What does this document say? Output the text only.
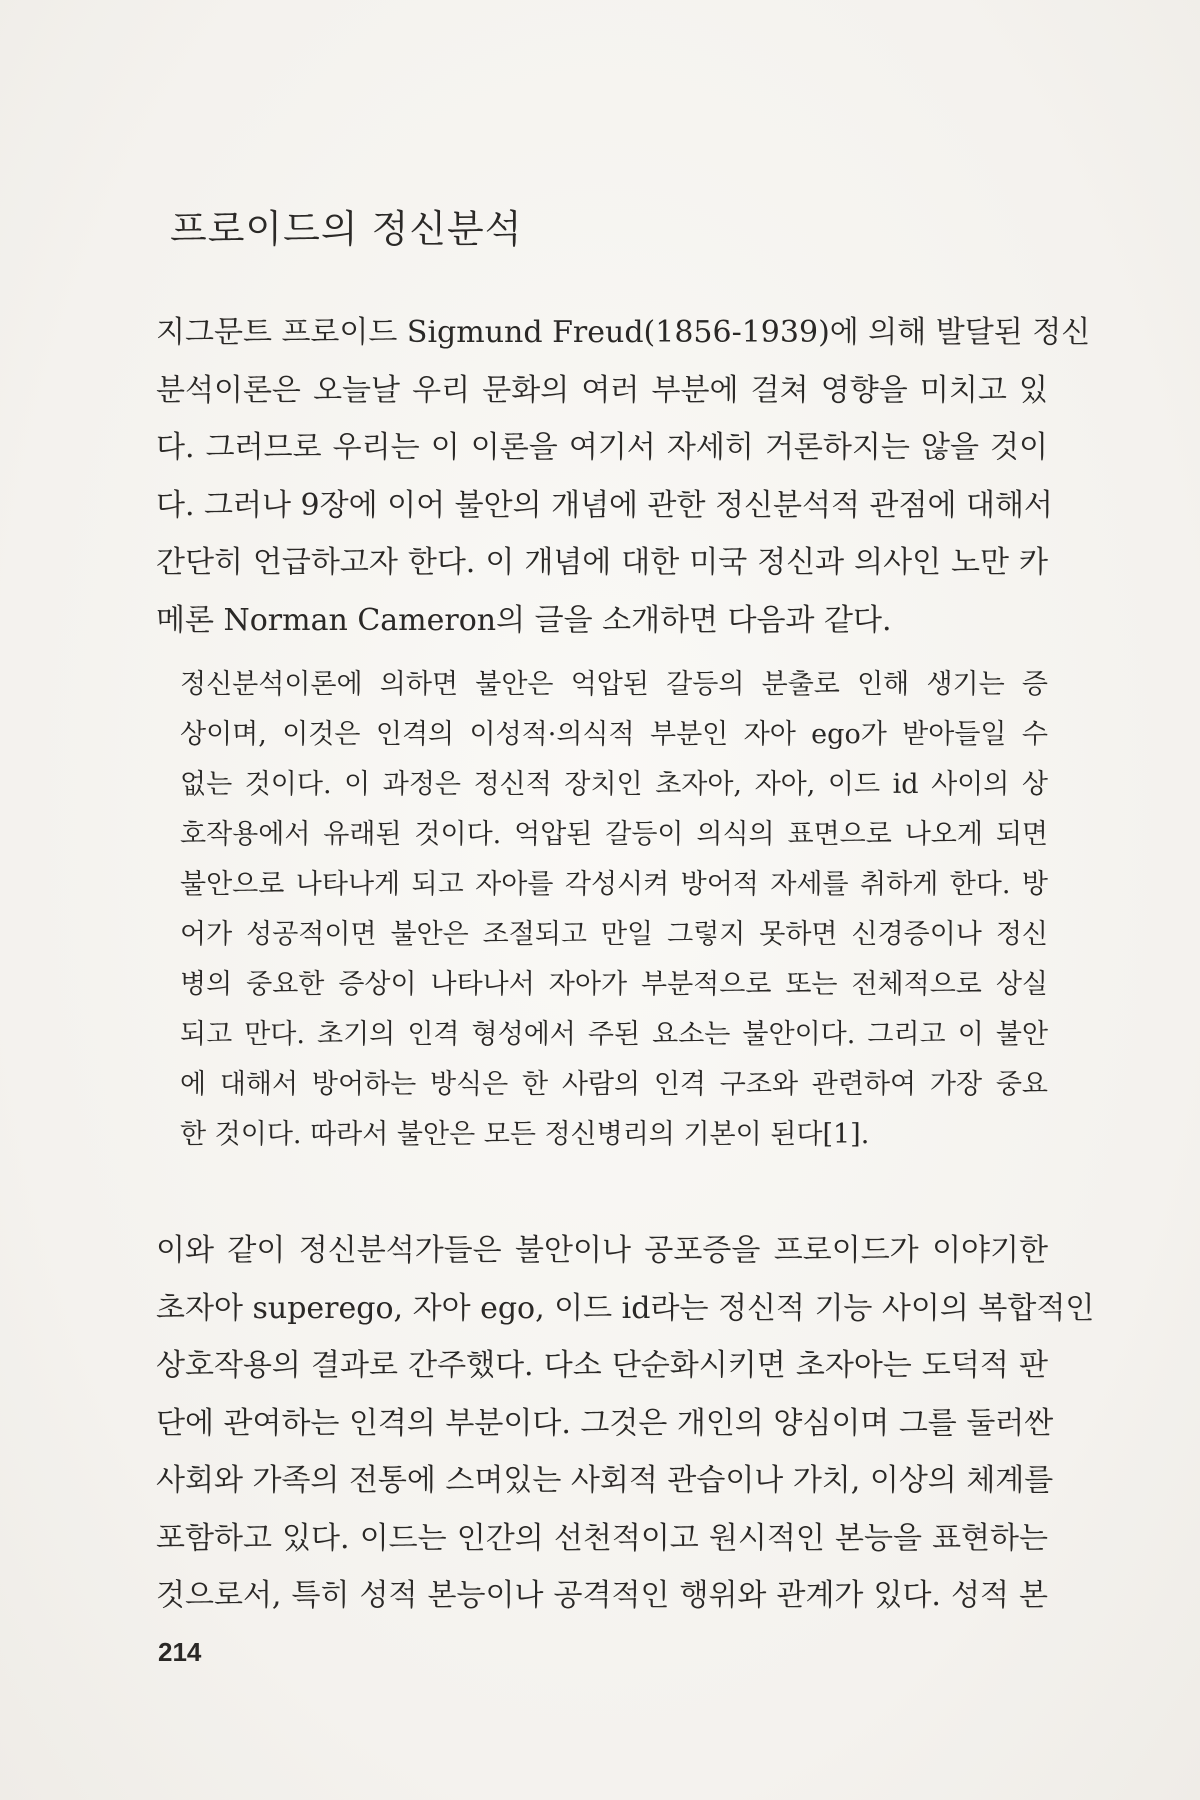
프로이드의 정신분석
지그문트 프로이드 Sigmund Freud(1856-1939)에 의해 발달된 정신
분석이론은 오늘날 우리 문화의 여러 부분에 걸쳐 영향을 미치고 있
다. 그러므로 우리는 이 이론을 여기서 자세히 거론하지는 않을 것이
다. 그러나 9장에 이어 불안의 개념에 관한 정신분석적 관점에 대해서
간단히 언급하고자 한다. 이 개념에 대한 미국 정신과 의사인 노만 카
메론 Norman Cameron의 글을 소개하면 다음과 같다.
정신분석이론에 의하면 불안은 억압된 갈등의 분출로 인해 생기는 증
상이며, 이것은 인격의 이성적·의식적 부분인 자아 ego가 받아들일 수
없는 것이다. 이 과정은 정신적 장치인 초자아, 자아, 이드 id 사이의 상
호작용에서 유래된 것이다. 억압된 갈등이 의식의 표면으로 나오게 되면
불안으로 나타나게 되고 자아를 각성시켜 방어적 자세를 취하게 한다. 방
어가 성공적이면 불안은 조절되고 만일 그렇지 못하면 신경증이나 정신
병의 중요한 증상이 나타나서 자아가 부분적으로 또는 전체적으로 상실
되고 만다. 초기의 인격 형성에서 주된 요소는 불안이다. 그리고 이 불안
에 대해서 방어하는 방식은 한 사람의 인격 구조와 관련하여 가장 중요
한 것이다. 따라서 불안은 모든 정신병리의 기본이 된다[1].
이와 같이 정신분석가들은 불안이나 공포증을 프로이드가 이야기한
초자아 superego, 자아 ego, 이드 id라는 정신적 기능 사이의 복합적인
상호작용의 결과로 간주했다. 다소 단순화시키면 초자아는 도덕적 판
단에 관여하는 인격의 부분이다. 그것은 개인의 양심이며 그를 둘러싼
사회와 가족의 전통에 스며있는 사회적 관습이나 가치, 이상의 체계를
포함하고 있다. 이드는 인간의 선천적이고 원시적인 본능을 표현하는
것으로서, 특히 성적 본능이나 공격적인 행위와 관계가 있다. 성적 본
214
